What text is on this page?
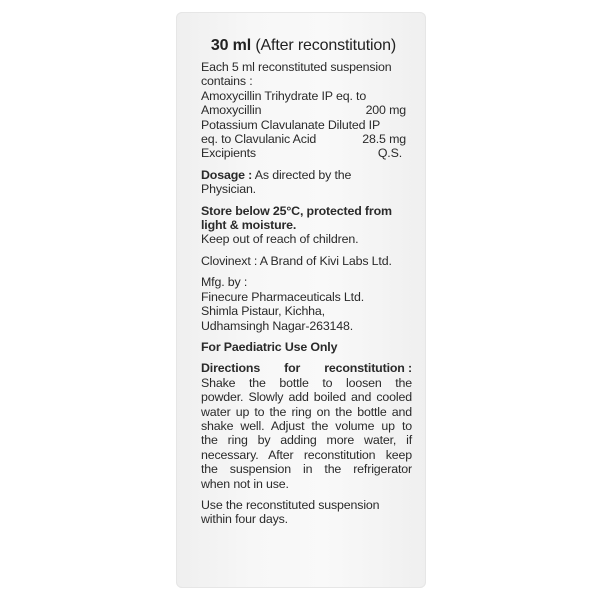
30 ml (After reconstitution)
Each 5 ml reconstituted suspension
contains :
Amoxycillin Trihydrate IP eq. to
Amoxycillin	200 mg
Potassium Clavulanate Diluted IP
eq. to Clavulanic Acid	28.5 mg
Excipients	Q.S.
Dosage : As directed by the
Physician.
Store below 25°C, protected from
light & moisture.
Keep out of reach of children.
Clovinext : A Brand of Kivi Labs Ltd.
Mfg. by :
Finecure Pharmaceuticals Ltd.
Shimla Pistaur, Kichha,
Udhamsingh Nagar-263148.
For Paediatric Use Only
Directions for reconstitution :
Shake the bottle to loosen the
powder. Slowly add boiled and cooled
water up to the ring on the bottle and
shake well. Adjust the volume up to
the ring by adding more water, if
necessary. After reconstitution keep
the suspension in the refrigerator
when not in use.
Use the reconstituted suspension
within four days.
